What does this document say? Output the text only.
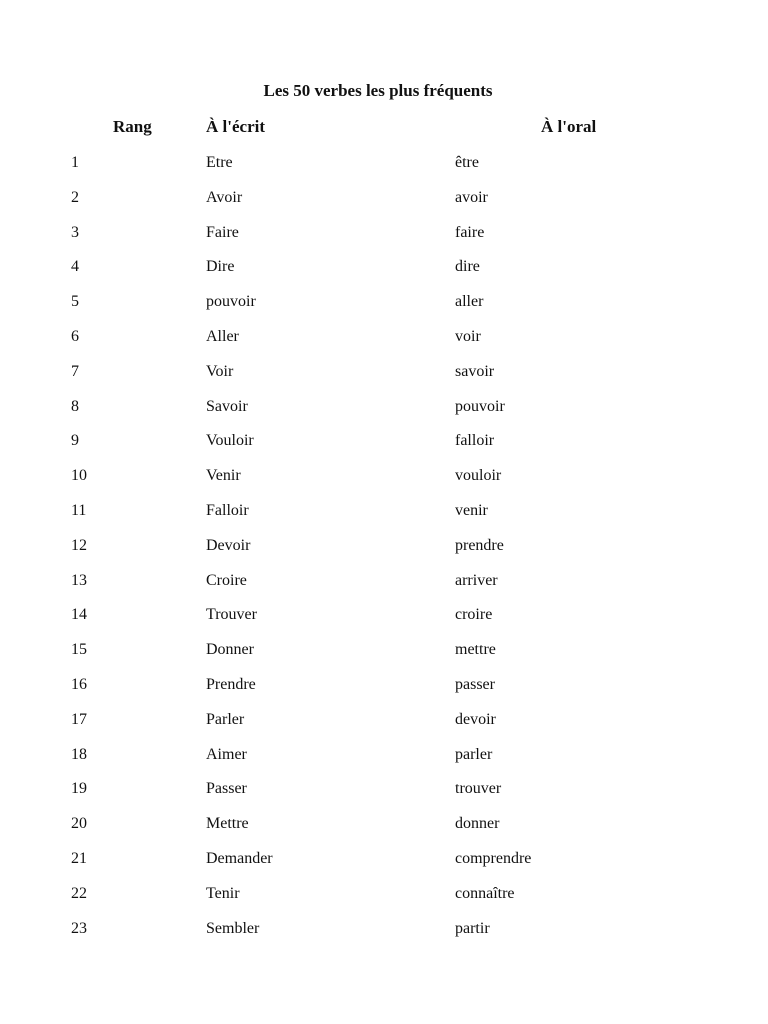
Les 50 verbes les plus fréquents
Rang	À l'écrit	À l'oral
1	Etre	être
2	Avoir	avoir
3	Faire	faire
4	Dire	dire
5	pouvoir	aller
6	Aller	voir
7	Voir	savoir
8	Savoir	pouvoir
9	Vouloir	falloir
10	Venir	vouloir
11	Falloir	venir
12	Devoir	prendre
13	Croire	arriver
14	Trouver	croire
15	Donner	mettre
16	Prendre	passer
17	Parler	devoir
18	Aimer	parler
19	Passer	trouver
20	Mettre	donner
21	Demander	comprendre
22	Tenir	connaître
23	Sembler	partir
